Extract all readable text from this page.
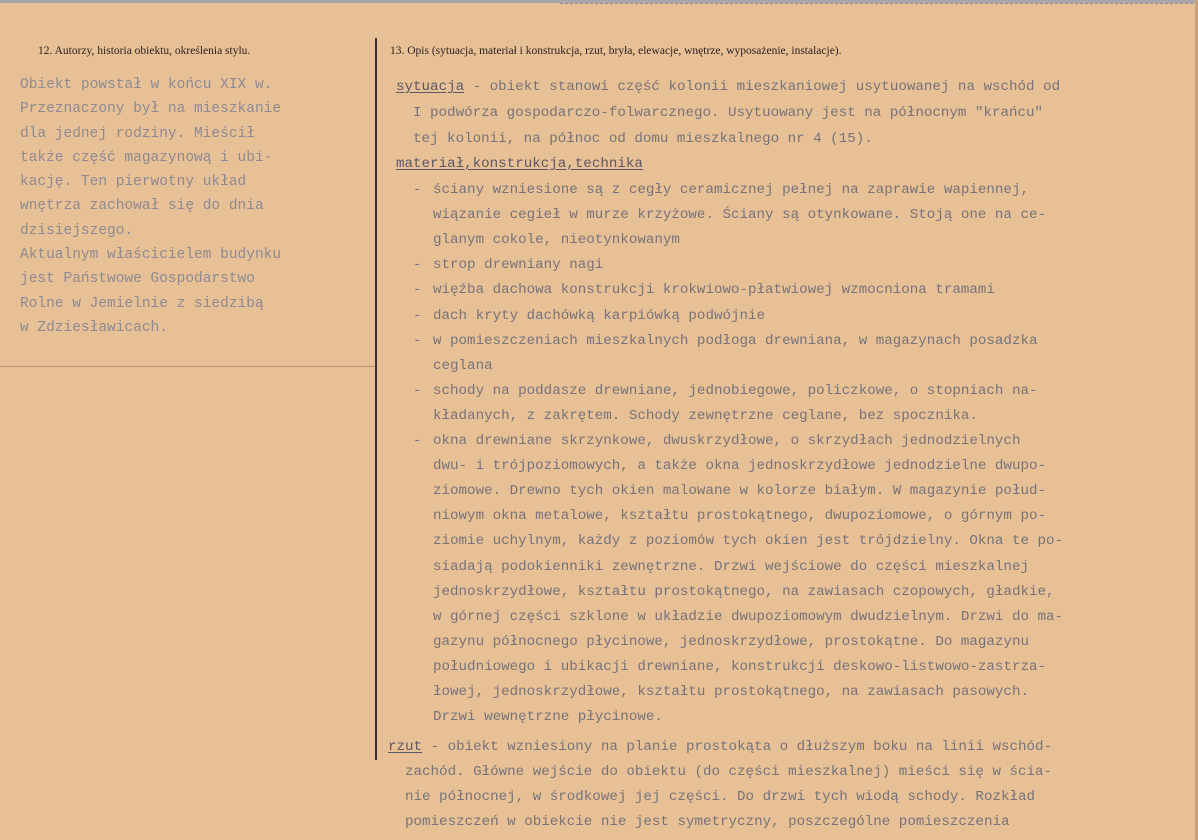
12. Autorzy, historia obiektu, określenia stylu.	13. Opis (sytuacja, materiał i konstrukcja, rzut, bryła, elewacje, wnętrze, wyposażenie, instalacje).
Obiekt powstał w końcu XIX w.
Przeznaczony był na mieszkanie
dla jednej rodziny. Mieścił
także część magazynową i ubi-
kację. Ten pierwotny układ
wnętrza zachował się do dnia
dzisiejszego.
Aktualnym właścicielem budynku
jest Państwowe Gospodarstwo
Rolne w Jemielnie z siedzibą
w Zdziesławicach.
sytuacja - obiekt stanowi część kolonii mieszkaniowej usytuowanej na wschód od
I podwórza gospodarczo-folwarcznego. Usytuowany jest na północnym "krańcu"
tej kolonii, na północ od domu mieszkalnego nr 4 (15).
materiał,konstrukcja,technika
- ściany wzniesione są z cegły ceramicznej pełnej na zaprawie wapiennej,
wiązanie cegieł w murze krzyżowe. Ściany są otynkowane. Stoją one na ce-
glanym cokole, nieotynkowanym
- strop drewniany nagi
- więźba dachowa konstrukcji krokwiowo-płatwiowej wzmocniona tramami
- dach kryty dachówką karpiówką podwójnie
- w pomieszczeniach mieszkalnych podłoga drewniana, w magazynach posadzka
ceglana
- schody na poddasze drewniane, jednobiegowe, policzkowe, o stopniach na-
kładanych, z zakrętem. Schody zewnętrzne ceglane, bez spocznika.
- okna drewniane skrzynkowe, dwuskrzydłowe, o skrzydłach jednodzielnych
dwu- i trójpoziomowych, a także okna jednoskrzydłowe jednodzielne dwupo-
ziomowe. Drewno tych okien malowane w kolorze białym. W magazynie połud-
niowym okna metalowe, kształtu prostokątnego, dwupoziomowe, o górnym po-
ziomie uchylnym, każdy z poziomów tych okien jest trójdzielny. Okna te po-
siadają podokienniki zewnętrzne. Drzwi wejściowe do części mieszkalnej
jednoskrzydłowe, kształtu prostokątnego, na zawiasach czopowych, gładkie,
w górnej części szklone w układzie dwupoziomowym dwudzielnym. Drzwi do ma-
gazynu północnego płycinowe, jednoskrzydłowe, prostokątne. Do magazynu
południowego i ubikacji drewniane, konstrukcji deskowo-listwowo-zastrza-
łowej, jednoskrzydłowe, kształtu prostokątnego, na zawiasach pasowych.
Drzwi wewnętrzne płycinowe.
rzut - obiekt wzniesiony na planie prostokąta o dłuższym boku na linii wschód-
zachód. Główne wejście do obiektu (do części mieszkalnej) mieści się w ścia-
nie północnej, w środkowej jej części. Do drzwi tych wiodą schody. Rozkład
pomieszczeń w obiekcie nie jest symetryczny, poszczególne pomieszczenia
